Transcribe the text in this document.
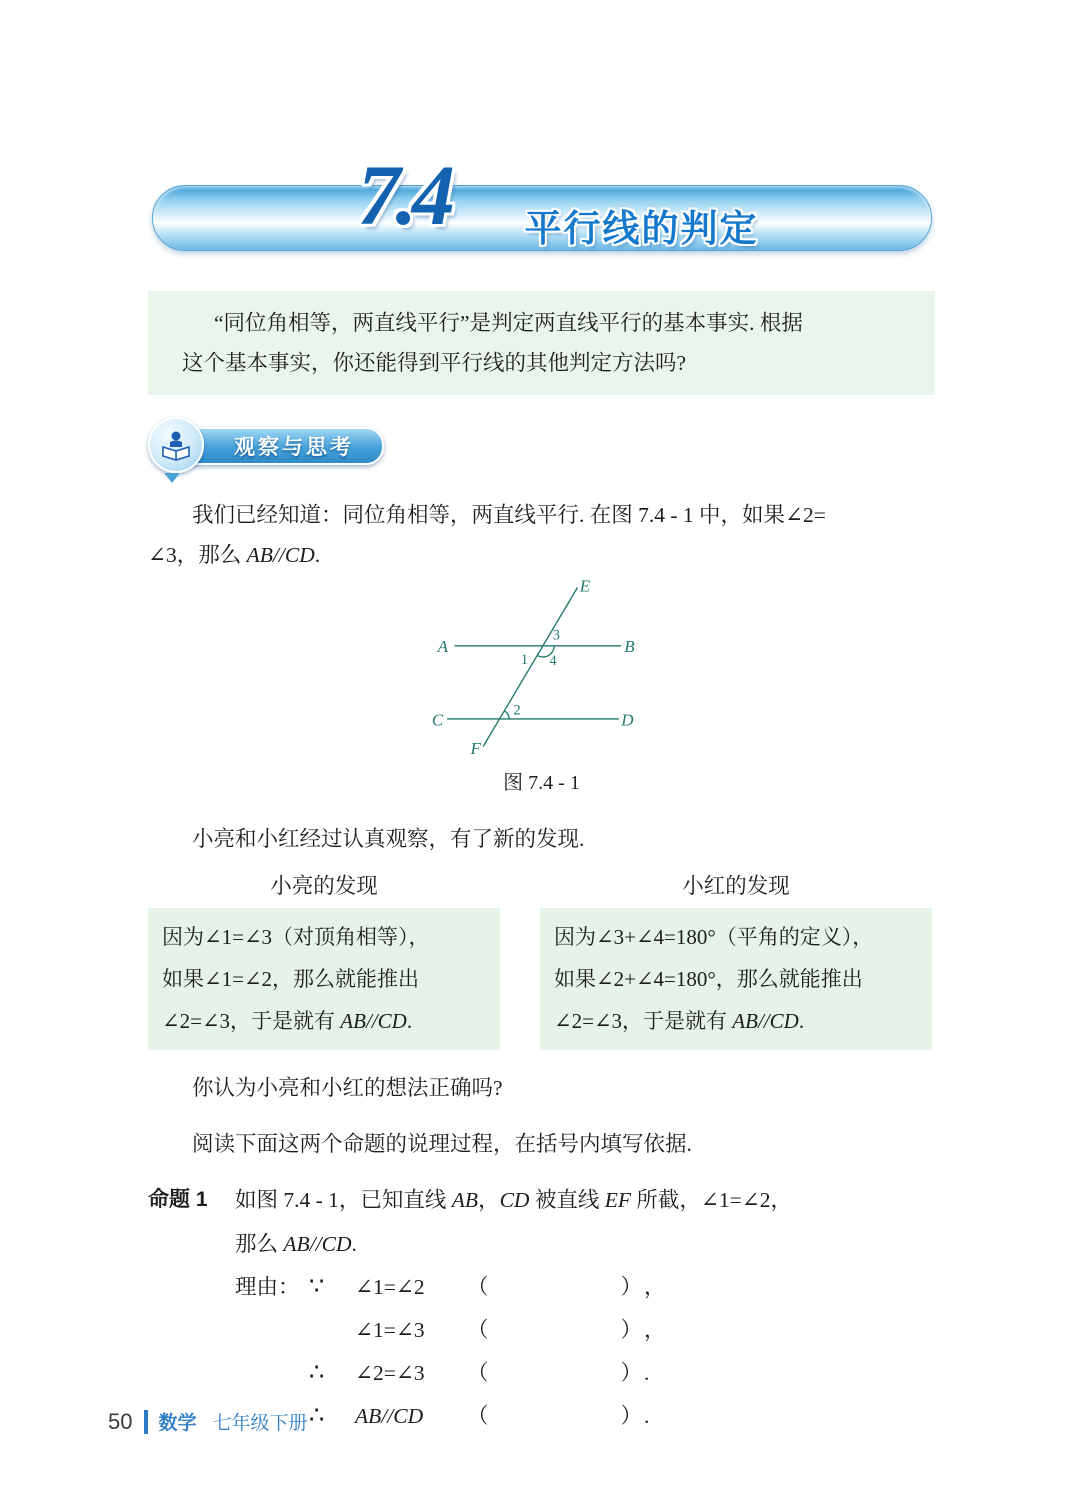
7.4 平行线的判定
“同位角相等，两直线平行”是判定两直线平行的基本事实. 根据
这个基本事实，你还能得到平行线的其他判定方法吗?
观察与思考
我们已经知道：同位角相等，两直线平行. 在图 7.4 - 1 中，如果∠2=
∠3，那么 AB//CD.
A	B
C	D
E
F
1
2
3
4
图 7.4 - 1
小亮和小红经过认真观察，有了新的发现.
小亮的发现	小红的发现
因为∠1=∠3（对顶角相等），
如果∠1=∠2，那么就能推出
∠2=∠3，于是就有 AB//CD.
因为∠3+∠4=180°（平角的定义），
如果∠2+∠4=180°，那么就能推出
∠2=∠3，于是就有 AB//CD.
你认为小亮和小红的想法正确吗?
阅读下面这两个命题的说理过程，在括号内填写依据.
命题 1	如图 7.4 - 1，已知直线 AB，CD 被直线 EF 所截，∠1=∠2，
那么 AB//CD.
理由： ∵	∠1=∠2	（	） ，
∠1=∠3	（	） ，
∴	∠2=∠3	（	） .
∴	AB//CD	（	） .
50 数学 七年级下册
